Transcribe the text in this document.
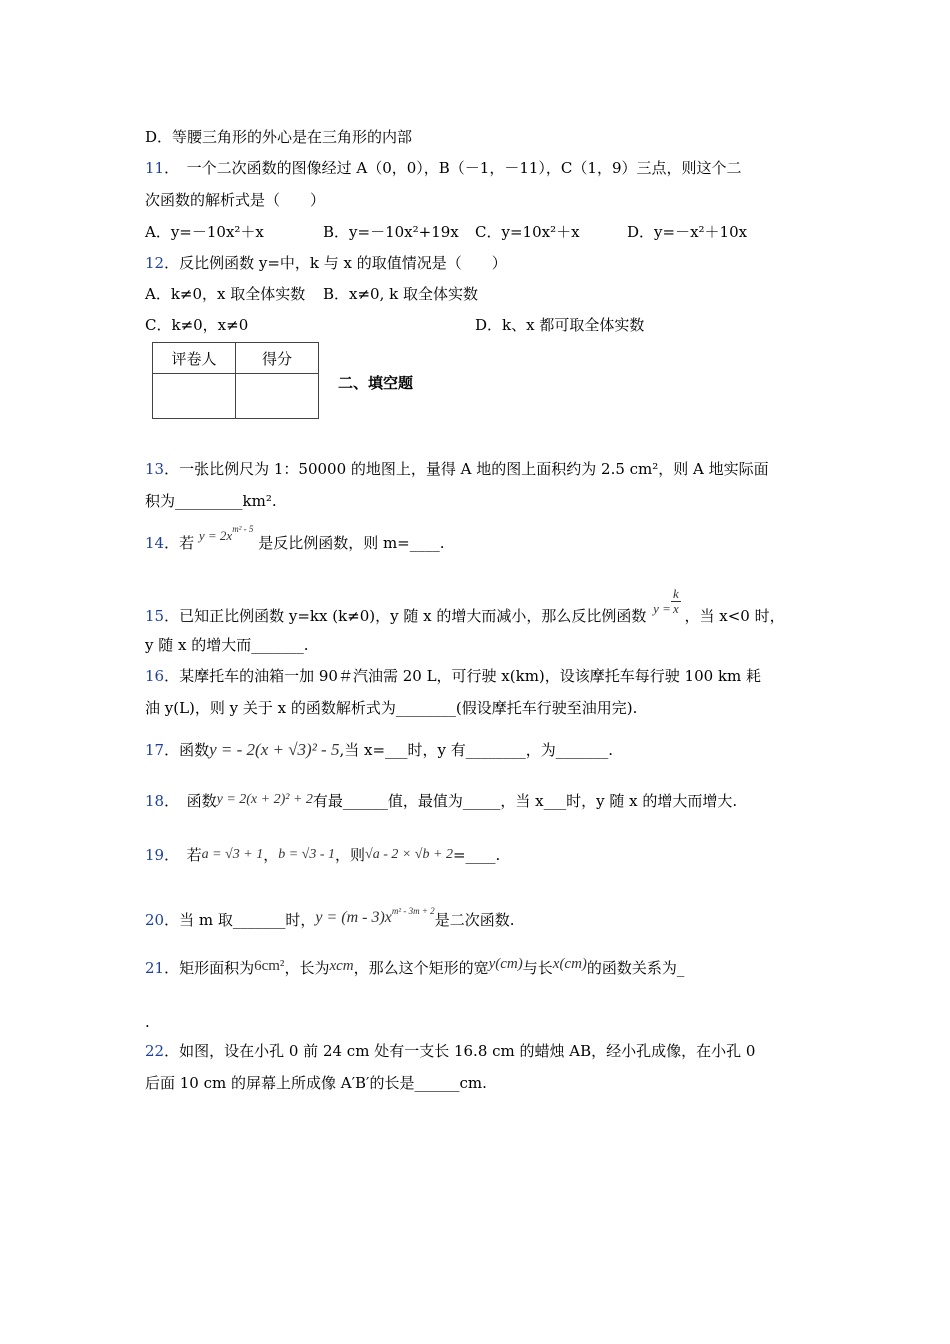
D．等腰三角形的外心是在三角形的内部
11．　一个二次函数的图像经过 A（0，0），B（－1，－11），C（1，9）三点，则这个二
次函数的解析式是（　　）
A．y=－10x²＋x	B．y=－10x²+19x C．y=10x²＋x	D．y=－x²＋10x
12．反比例函数 y=中，k 与 x 的取值情况是（　　）
A．k≠0，x 取全体实数 B．x≠0, k 取全体实数
C．k≠0，x≠0	D．k、x 都可取全体实数
评卷人	得分

二、填空题
13．一张比例尺为 1：50000 的地图上，量得 A 地的图上面积约为 2.5 cm²，则 A 地实际面
积为_________km².
14．若 $y = 2x^{m^2 - 5}$ 是反比例函数，则 m=____.
15．已知正比例函数 y=kx (k≠0)，y 随 x 的增大而减小，那么反比例函数 $y = \frac{k}{x}$ ，当 x<0 时，
y 随 x 的增大而_______.
16．某摩托车的油箱一加 90＃汽油需 20 L，可行驶 x(km)，设该摩托车每行驶 100 km 耗
油 y(L)，则 y 关于 x 的函数解析式为________(假设摩托车行驶至油用完).
17．函数y = - 2(x + √3)² - 5,当 x=___时，y 有________，为_______.
18．　函数y = 2(x + 2)² + 2有最______值，最值为_____，当 x___时，y 随 x 的增大而增大.
19．　若a = √3 + 1，b = √3 - 1，则√a - 2 × √b + 2=____.
20．当 m 取_______时，$y = (m - 3)x^{m^2 - 3m + 2}$是二次函数.
21．矩形面积为6cm²，长为xcm，那么这个矩形的宽y(cm)与长x(cm)的函数关系为_
.
22．如图，设在小孔 0 前 24 cm 处有一支长 16.8 cm 的蜡烛 AB，经小孔成像，在小孔 0
后面 10 cm 的屏幕上所成像 A′B′的长是______cm.
